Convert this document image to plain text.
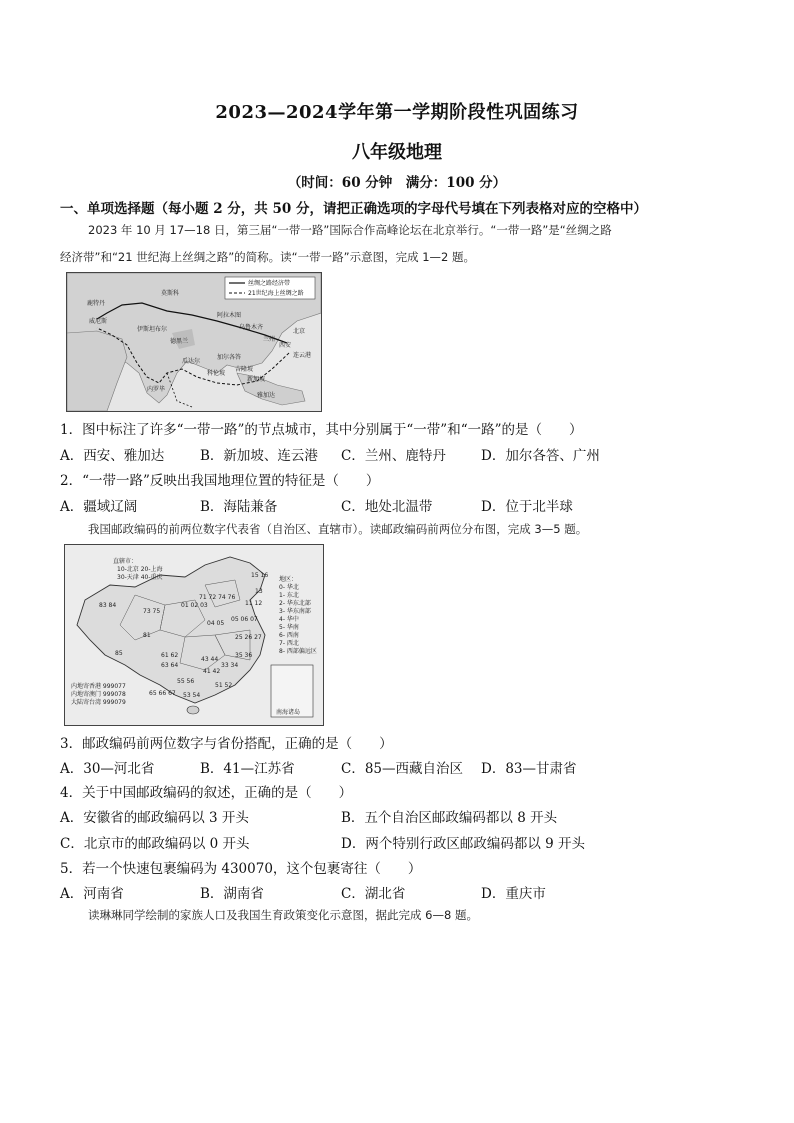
2023—2024学年第一学期阶段性巩固练习
八年级地理
（时间：60 分钟　满分：100 分）
一、单项选择题（每小题 2 分，共 50 分，请把正确选项的字母代号填在下列表格对应的空格中）
2023 年 10 月 17—18 日，第三届“一带一路”国际合作高峰论坛在北京举行。“一带一路”是“丝绸之路
经济带”和“21 世纪海上丝绸之路”的简称。读“一带一路”示意图，完成 1—2 题。
丝绸之路经济带
21世纪海上丝绸之路
莫斯科
鹿特丹
威尼斯
伊斯坦布尔
阿拉木图
乌鲁木齐
兰州
西安
德黑兰
瓜达尔
内罗毕
加尔各答
科伦坡
雅加达
新加坡
吉隆坡
北京
连云港
1．图中标注了许多“一带一路”的节点城市，其中分别属于“一带”和“一路”的是（　　）
A．西安、雅加达	B．新加坡、连云港 C．兰州、鹿特丹	D．加尔各答、广州
2．“一带一路”反映出我国地理位置的特征是（　　）
A．疆域辽阔	B．海陆兼备	C．地处北温带	D．位于北半球
我国邮政编码的前两位数字代表省（自治区、直辖市）。读邮政编码前两位分布图，完成 3—5 题。
直辖市：
10-北京 20-上海
30-天津 40-重庆	地区：
0- 华北
1- 东北
2- 华东北部
3- 华东南部
4- 华中
5- 华南
6- 西南
7- 西北
8- 西部偏远区
内地寄香港 999077
内地寄澳门 999078
大陆寄台湾 999079
83 84
73 75
81
85	61 62
63 64
65 66 67
55 56
53 54
15 16
13
11 12
01 02 03
04 05
71 72 74 76
05 06 07
25 26 27
43 44
41 42
33 34
35 36
51 52
南海诸岛
3．邮政编码前两位数字与省份搭配，正确的是（　　）
A．30—河北省	B．41—江苏省	C．85—西藏自治区 D．83—甘肃省
4．关于中国邮政编码的叙述，正确的是（　　）
A．安徽省的邮政编码以 3 开头	B．五个自治区邮政编码都以 8 开头
C．北京市的邮政编码以 0 开头	D．两个特别行政区邮政编码都以 9 开头
5．若一个快速包裹编码为 430070，这个包裹寄往（　　）
A．河南省	B．湖南省	C．湖北省	D．重庆市
读琳琳同学绘制的家族人口及我国生育政策变化示意图，据此完成 6—8 题。
